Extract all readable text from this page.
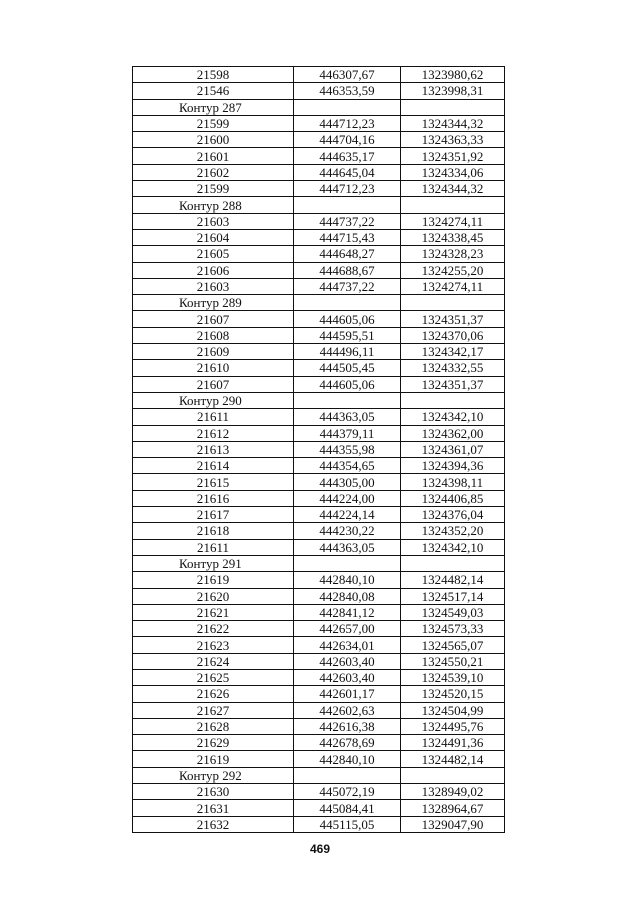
21598	446307,67	1323980,62
21546	446353,59	1323998,31
Контур 287		
21599	444712,23	1324344,32
21600	444704,16	1324363,33
21601	444635,17	1324351,92
21602	444645,04	1324334,06
21599	444712,23	1324344,32
Контур 288		
21603	444737,22	1324274,11
21604	444715,43	1324338,45
21605	444648,27	1324328,23
21606	444688,67	1324255,20
21603	444737,22	1324274,11
Контур 289		
21607	444605,06	1324351,37
21608	444595,51	1324370,06
21609	444496,11	1324342,17
21610	444505,45	1324332,55
21607	444605,06	1324351,37
Контур 290		
21611	444363,05	1324342,10
21612	444379,11	1324362,00
21613	444355,98	1324361,07
21614	444354,65	1324394,36
21615	444305,00	1324398,11
21616	444224,00	1324406,85
21617	444224,14	1324376,04
21618	444230,22	1324352,20
21611	444363,05	1324342,10
Контур 291		
21619	442840,10	1324482,14
21620	442840,08	1324517,14
21621	442841,12	1324549,03
21622	442657,00	1324573,33
21623	442634,01	1324565,07
21624	442603,40	1324550,21
21625	442603,40	1324539,10
21626	442601,17	1324520,15
21627	442602,63	1324504,99
21628	442616,38	1324495,76
21629	442678,69	1324491,36
21619	442840,10	1324482,14
Контур 292		
21630	445072,19	1328949,02
21631	445084,41	1328964,67
21632	445115,05	1329047,90
469
